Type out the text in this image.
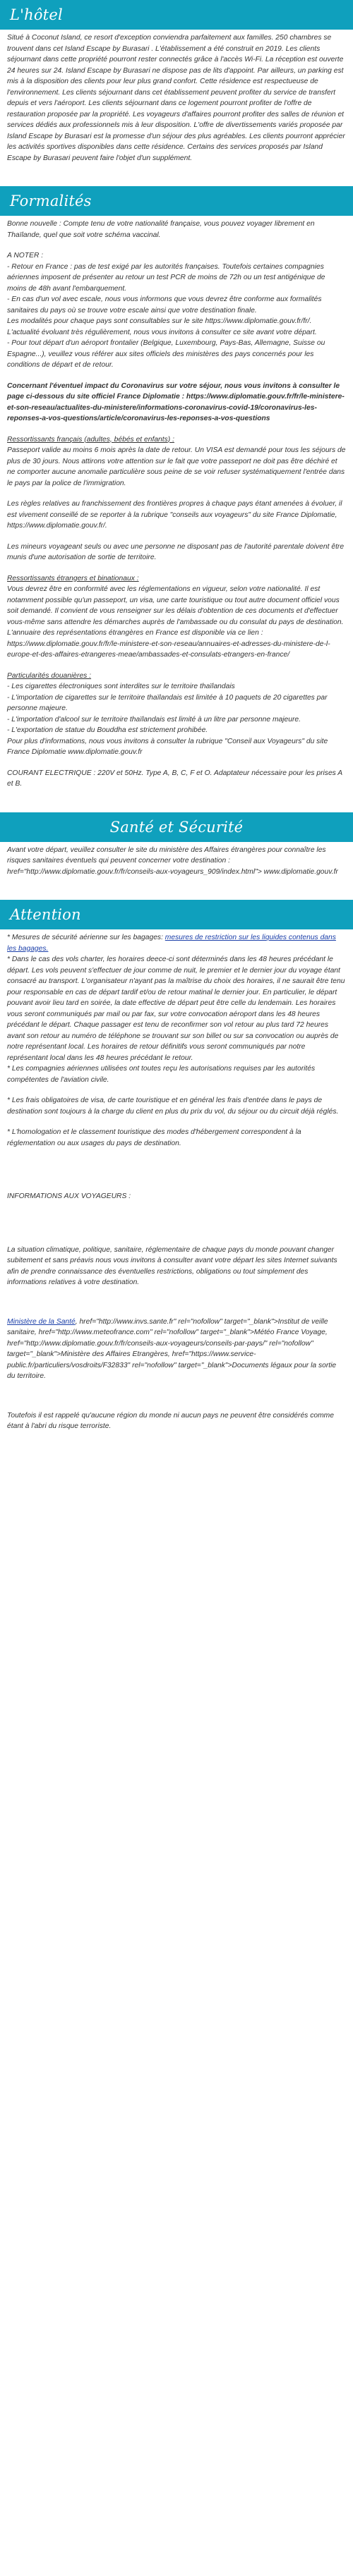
L'hôtel

Situé à Coconut Island, ce resort d'exception conviendra parfaitement aux familles. 250 chambres se trouvent dans cet Island Escape by Burasari . L'établissement a été construit en 2019. Les clients séjournant dans cette propriété pourront rester connectés grâce à l'accès Wi-Fi. La réception est ouverte 24 heures sur 24. Island Escape by Burasari ne dispose pas de lits d'appoint. Par ailleurs, un parking est mis à la disposition des clients pour leur plus grand confort. Cette résidence est respectueuse de l'environnement. Les clients séjournant dans cet établissement peuvent profiter du service de transfert depuis et vers l'aéroport. Les clients séjournant dans ce logement pourront profiter de l'offre de restauration proposée par la propriété. Les voyageurs d'affaires pourront profiter des salles de réunion et services dédiés aux professionnels mis à leur disposition. L'offre de divertissements variés proposée par Island Escape by Burasari est la promesse d'un séjour des plus agréables. Les clients pourront apprécier les activités sportives disponibles dans cette résidence. Certains des services proposés par Island Escape by Burasari peuvent faire l'objet d'un supplément.

Formalités

Bonne nouvelle : Compte tenu de votre nationalité française, vous pouvez voyager librement en Thaïlande, quel que soit votre schéma vaccinal.

A NOTER :

- Retour en France : pas de test exigé par les autorités françaises. Toutefois certaines compagnies aériennes imposent de présenter au retour un test PCR de moins de 72h ou un test antigénique de moins de 48h avant l'embarquement.

- En cas d'un vol avec escale, nous vous informons que vous devrez être conforme aux formalités sanitaires du pays où se trouve votre escale ainsi que votre destination finale.

Les modalités pour chaque pays sont consultables sur le site https://www.diplomatie.gouv.fr/fr/. L'actualité évoluant très régulièrement, nous vous invitons à consulter ce site avant votre départ.

- Pour tout départ d'un aéroport frontalier (Belgique, Luxembourg, Pays-Bas, Allemagne, Suisse ou Espagne...), veuillez vous référer aux sites officiels des ministères des pays concernés pour les conditions de départ et de retour.

Concernant l'éventuel impact du Coronavirus sur votre séjour, nous vous invitons à consulter le page ci-dessous du site officiel France Diplomatie : https://www.diplomatie.gouv.fr/fr/le-ministere-et-son-reseau/actualites-du-ministere/informations-coronavirus-covid-19/coronavirus-les-reponses-a-vos-questions/article/coronavirus-les-reponses-a-vos-questions

Ressortissants français (adultes, bébés et enfants) :

Passeport valide au moins 6 mois après la date de retour. Un VISA est demandé pour tous les séjours de plus de 30 jours. Nous attirons votre attention sur le fait que votre passeport ne doit pas être déchiré et ne comporter aucune anomalie particulière sous peine de se voir refuser systématiquement l'entrée dans le pays par la police de l'immigration.

Les règles relatives au franchissement des frontières propres à chaque pays étant amenées à évoluer, il est vivement conseillé de se reporter à la rubrique "conseils aux voyageurs" du site France Diplomatie, https://www.diplomatie.gouv.fr/.

Les mineurs voyageant seuls ou avec une personne ne disposant pas de l'autorité parentale doivent être munis d'une autorisation de sortie de territoire.

Ressortissants étrangers et binationaux :

Vous devrez être en conformité avec les réglementations en vigueur, selon votre nationalité. Il est notamment possible qu'un passeport, un visa, une carte touristique ou tout autre document officiel vous soit demandé. Il convient de vous renseigner sur les délais d'obtention de ces documents et d'effectuer vous-même sans attendre les démarches auprès de l'ambassade ou du consulat du pays de destination.

L'annuaire des représentations étrangères en France est disponible via ce lien : https://www.diplomatie.gouv.fr/fr/le-ministere-et-son-reseau/annuaires-et-adresses-du-ministere-de-l-europe-et-des-affaires-etrangeres-meae/ambassades-et-consulats-etrangers-en-france/

Particularités douanières :

- Les cigarettes électroniques sont interdites sur le territoire thaïlandais

- L'importation de cigarettes sur le territoire thaïlandais est limitée à 10 paquets de 20 cigarettes par personne majeure.

- L'importation d'alcool sur le territoire thaïlandais est limité à un litre par personne majeure.

- L'exportation de statue du Bouddha est strictement prohibée.

Pour plus d'informations, nous vous invitons à consulter la rubrique "Conseil aux Voyageurs" du site France Diplomatie www.diplomatie.gouv.fr

COURANT ELECTRIQUE : 220V et 50Hz. Type A, B, C, F et O. Adaptateur nécessaire pour les prises A et B.

Santé et Sécurité

Avant votre départ, veuillez consulter le site du ministère des Affaires étrangères pour connaître les risques sanitaires éventuels qui peuvent concerner votre destination : href="http://www.diplomatie.gouv.fr/fr/conseils-aux-voyageurs_909/index.html"> www.diplomatie.gouv.fr

Attention

* Mesures de sécurité aérienne sur les bagages: mesures de restriction sur les liquides contenus dans les bagages.

* Dans le cas des vols charter, les horaires deece-ci sont déterminés dans les 48 heures précédant le départ. Les vols peuvent s'effectuer de jour comme de nuit, le premier et le dernier jour du voyage étant consacré au transport. L'organisateur n'ayant pas la maîtrise du choix des horaires, il ne saurait être tenu pour responsable en cas de départ tardif et/ou de retour matinal le dernier jour. En particulier, le départ pouvant avoir lieu tard en soirée, la date effective de départ peut être celle du lendemain. Les horaires vous seront communiqués par mail ou par fax, sur votre convocation aéroport dans les 48 heures précédant le départ. Chaque passager est tenu de reconfirmer son vol retour au plus tard 72 heures avant son retour au numéro de téléphone se trouvant sur son billet ou sur sa convocation ou auprès de notre représentant local. Les horaires de retour définitifs vous seront communiqués par notre représentant local dans les 48 heures précédant le retour.

* Les compagnies aériennes utilisées ont toutes reçu les autorisations requises par les autorités compétentes de l'aviation civile.

* Les frais obligatoires de visa, de carte touristique et en général les frais d'entrée dans le pays de destination sont toujours à la charge du client en plus du prix du vol, du séjour ou du circuit déjà réglés.

* L'homologation et le classement touristique des modes d'hébergement correspondent à la réglementation ou aux usages du pays de destination.

INFORMATIONS AUX VOYAGEURS :

La situation climatique, politique, sanitaire, réglementaire de chaque pays du monde pouvant changer subitement et sans préavis nous vous invitons à consulter avant votre départ les sites Internet suivants afin de prendre connaissance des éventuelles restrictions, obligations ou tout simplement des informations relatives à votre destination.

Ministère de la Santé, href="http://www.invs.sante.fr" rel="nofollow" target="_blank">Institut de veille sanitaire, href="http://www.meteofrance.com" rel="nofollow" target="_blank">Météo France Voyage, href="http://www.diplomatie.gouv.fr/fr/conseils-aux-voyageurs/conseils-par-pays/" rel="nofollow" target="_blank">Ministère des Affaires Etrangères, href="https://www.service-public.fr/particuliers/vosdroits/F32833" rel="nofollow" target="_blank">Documents légaux pour la sortie du territoire.

Toutefois il est rappelé qu'aucune région du monde ni aucun pays ne peuvent être considérés comme étant à l'abri du risque terroriste.
